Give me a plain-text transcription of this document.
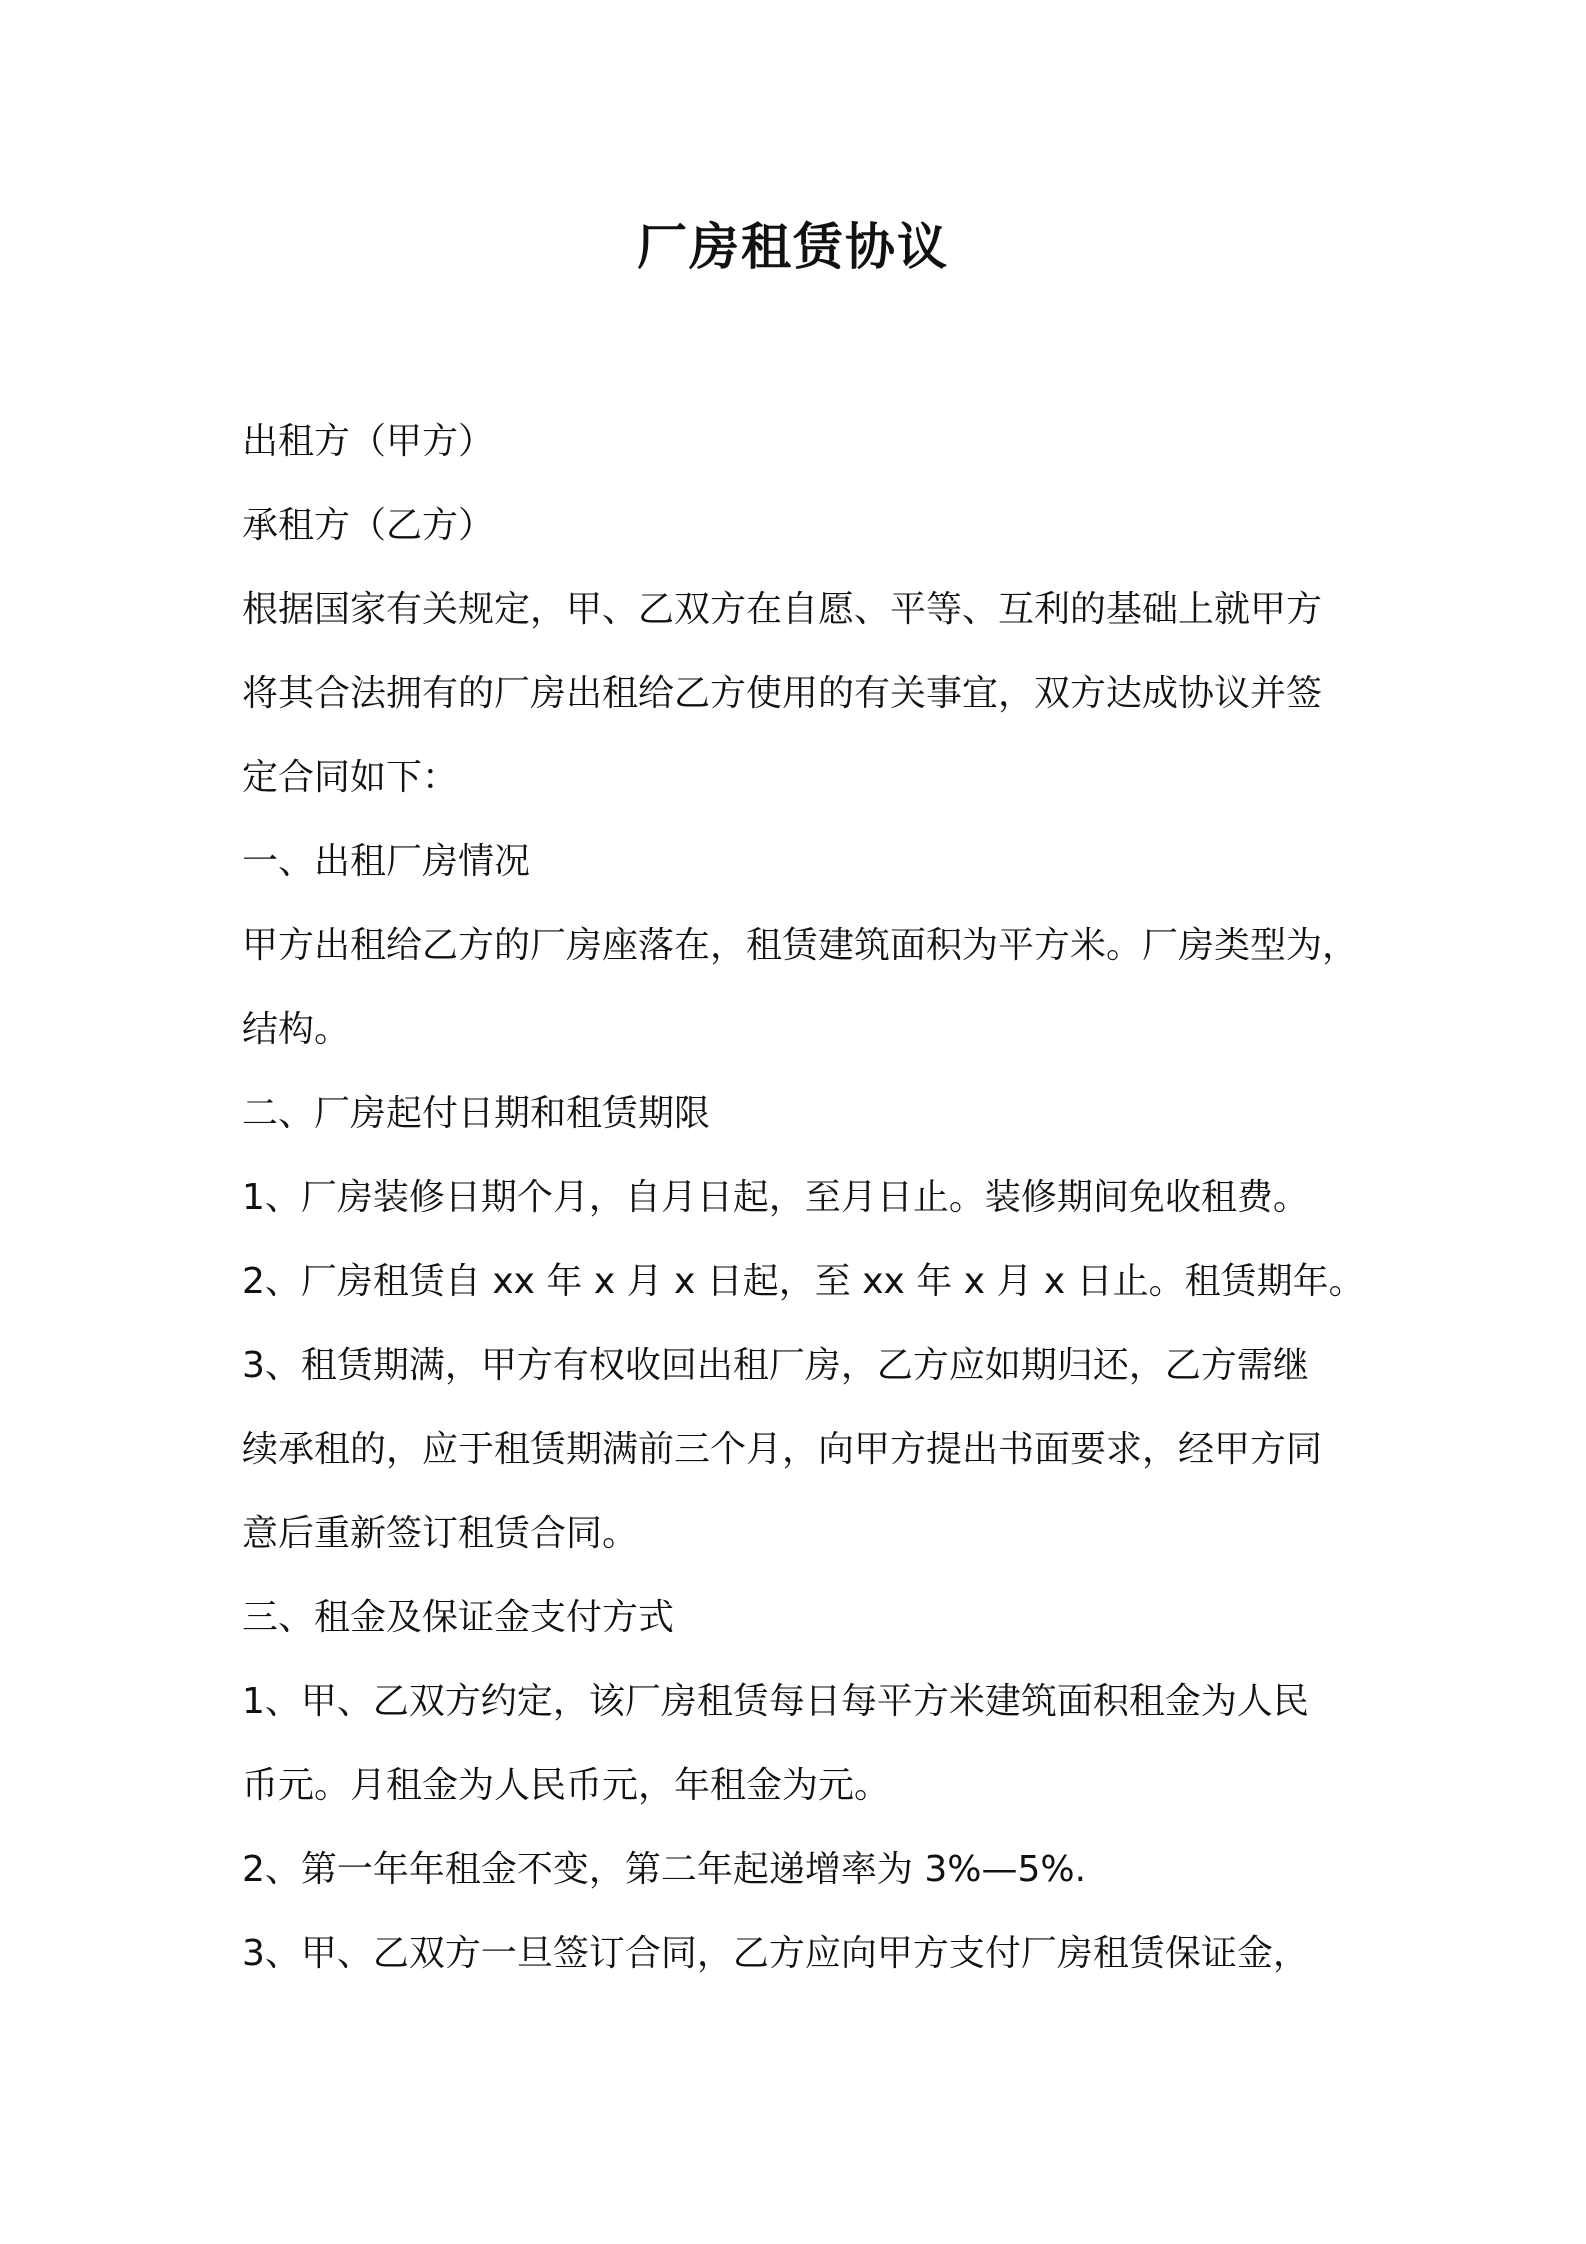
厂房租赁协议
出租方（甲方）
承租方（乙方）
根据国家有关规定，甲、乙双方在自愿、平等、互利的基础上就甲方
将其合法拥有的厂房出租给乙方使用的有关事宜，双方达成协议并签
定合同如下：
一、出租厂房情况
甲方出租给乙方的厂房座落在，租赁建筑面积为平方米。厂房类型为，
结构。
二、厂房起付日期和租赁期限
1、厂房装修日期个月，自月日起，至月日止。装修期间免收租费。
2、厂房租赁自 xx 年 x 月 x 日起，至 xx 年 x 月 x 日止。租赁期年。
3、租赁期满，甲方有权收回出租厂房，乙方应如期归还，乙方需继
续承租的，应于租赁期满前三个月，向甲方提出书面要求，经甲方同
意后重新签订租赁合同。
三、租金及保证金支付方式
1、甲、乙双方约定，该厂房租赁每日每平方米建筑面积租金为人民
币元。月租金为人民币元，年租金为元。
2、第一年年租金不变，第二年起递增率为 3%—5%.
3、甲、乙双方一旦签订合同，乙方应向甲方支付厂房租赁保证金，
